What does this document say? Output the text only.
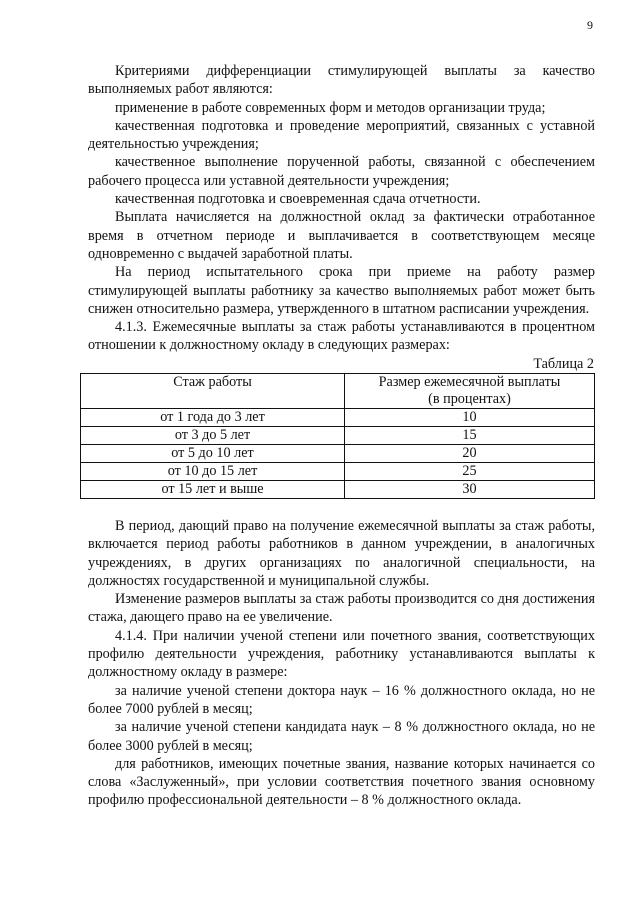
9

Критериями дифференциации стимулирующей выплаты за качество выполняемых работ являются:

применение в работе современных форм и методов организации труда;

качественная подготовка и проведение мероприятий, связанных с уставной деятельностью учреждения;

качественное выполнение порученной работы, связанной с обеспечением рабочего процесса или уставной деятельности учреждения;

качественная подготовка и своевременная сдача отчетности.

Выплата начисляется на должностной оклад за фактически отработанное время в отчетном периоде и выплачивается в соответствующем месяце одновременно с выдачей заработной платы.

На период испытательного срока при приеме на работу размер стимулирующей выплаты работнику за качество выполняемых работ может быть снижен относительно размера, утвержденного в штатном расписании учреждения.

4.1.3. Ежемесячные выплаты за стаж работы устанавливаются в процентном отношении к должностному окладу в следующих размерах:

Таблица 2
Стаж работы	Размер ежемесячной выплаты
(в процентах)
от 1 года до 3 лет	10
от 3 до 5 лет	15
от 5 до 10 лет	20
от 10 до 15 лет	25
от 15 лет и выше	30

В период, дающий право на получение ежемесячной выплаты за стаж работы, включается период работы работников в данном учреждении, в аналогичных учреждениях, в других организациях по аналогичной специальности, на должностях государственной и муниципальной службы.

Изменение размеров выплаты за стаж работы производится со дня достижения стажа, дающего право на ее увеличение.

4.1.4. При наличии ученой степени или почетного звания, соответствующих профилю деятельности учреждения, работнику устанавливаются выплаты к должностному окладу в размере:

за наличие ученой степени доктора наук – 16 % должностного оклада, но не более 7000 рублей в месяц;

за наличие ученой степени кандидата наук – 8 % должностного оклада, но не более 3000 рублей в месяц;

для работников, имеющих почетные звания, название которых начинается со слова «Заслуженный», при условии соответствия почетного звания основному профилю профессиональной деятельности – 8 % должностного оклада.
